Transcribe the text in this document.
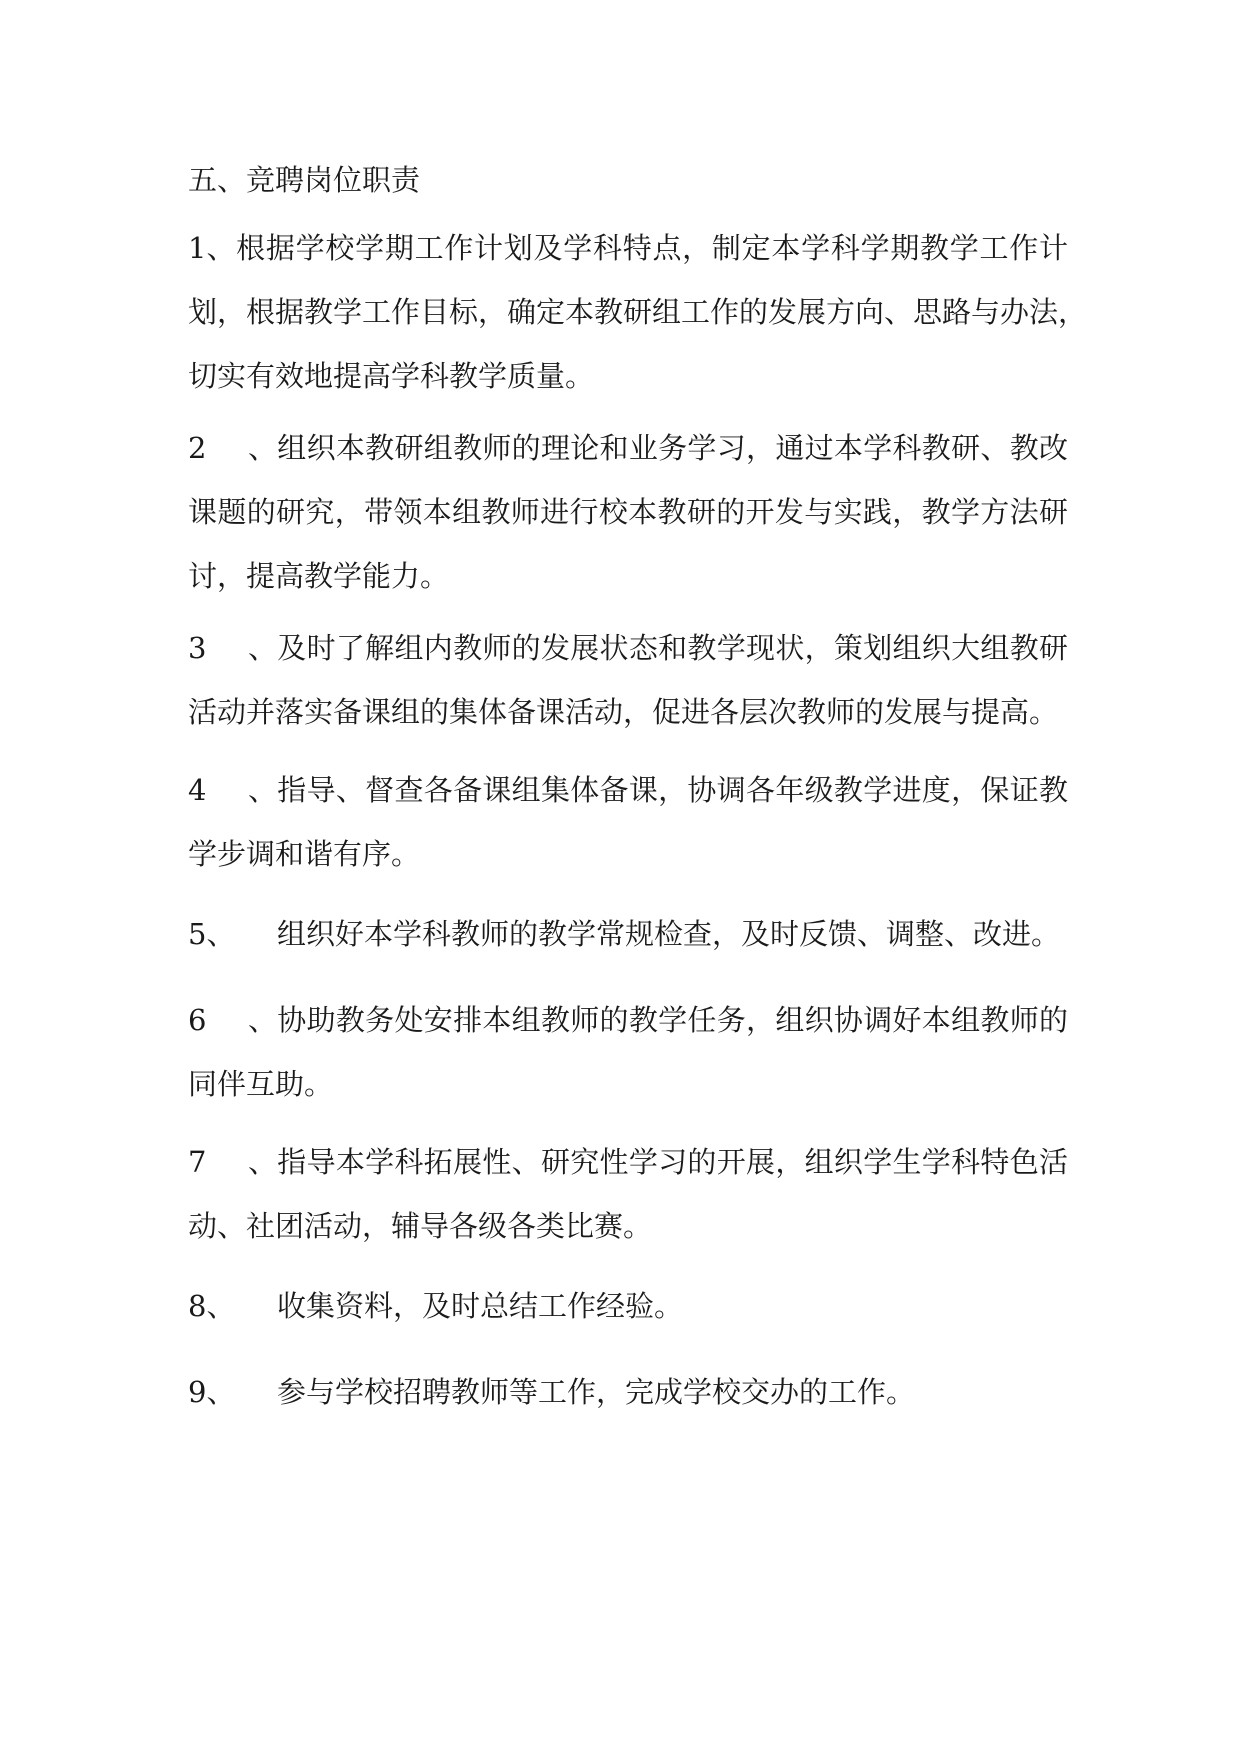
五、竞聘岗位职责
1、根据学校学期工作计划及学科特点，制定本学科学期教学工作计
划，根据教学工作目标，确定本教研组工作的发展方向、思路与办法，
切实有效地提高学科教学质量。
2、组织本教研组教师的理论和业务学习，通过本学科教研、教改
课题的研究，带领本组教师进行校本教研的开发与实践，教学方法研
讨，提高教学能力。
3、及时了解组内教师的发展状态和教学现状，策划组织大组教研
活动并落实备课组的集体备课活动，促进各层次教师的发展与提高。
4、指导、督查各备课组集体备课，协调各年级教学进度，保证教
学步调和谐有序。
5、 组织好本学科教师的教学常规检查，及时反馈、调整、改进。
6、协助教务处安排本组教师的教学任务，组织协调好本组教师的
同伴互助。
7、指导本学科拓展性、研究性学习的开展，组织学生学科特色活
动、社团活动，辅导各级各类比赛。
8、 收集资料，及时总结工作经验。
9、 参与学校招聘教师等工作，完成学校交办的工作。
